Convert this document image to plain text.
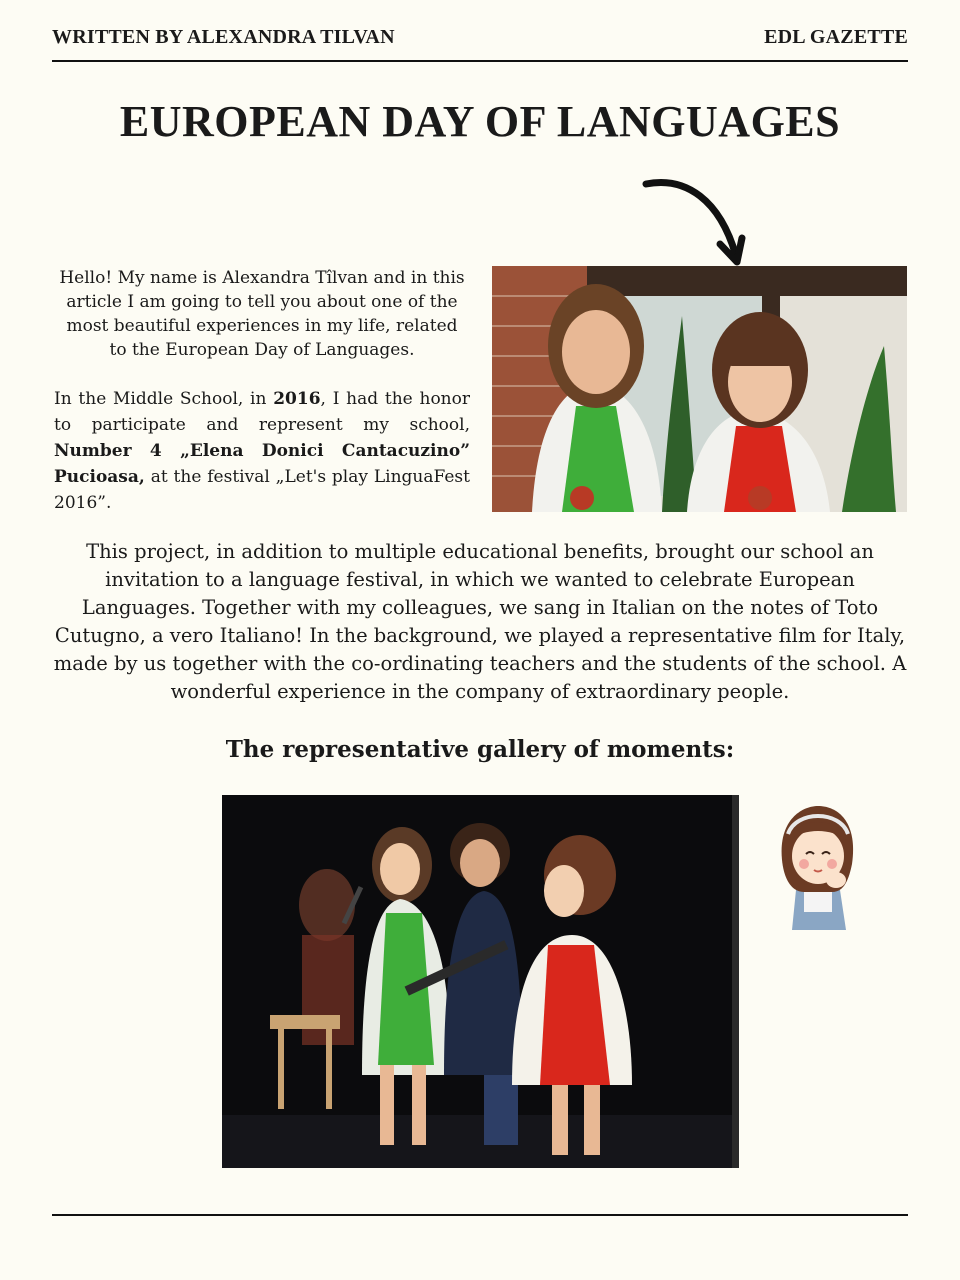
WRITTEN BY ALEXANDRA TILVAN	EDL GAZETTE
EUROPEAN DAY OF LANGUAGES

Hello! My name is Alexandra Tîlvan and in this article I am going to tell you about one of the most beautiful experiences in my life, related to the European Day of Languages.

In the Middle School, in 2016, I had the honor to participate and represent my school, Number 4 „Elena Donici Cantacuzino” Pucioasa, at the festival „Let's play LinguaFest 2016”.

This project, in addition to multiple educational benefits, brought our school an invitation to a language festival, in which we wanted to celebrate European Languages. Together with my colleagues, we sang in Italian on the notes of Toto Cutugno, a vero Italiano! In the background, we played a representative film for Italy, made by us together with the co-ordinating teachers and the students of the school. A wonderful experience in the company of extraordinary people.

The representative gallery of moments:
